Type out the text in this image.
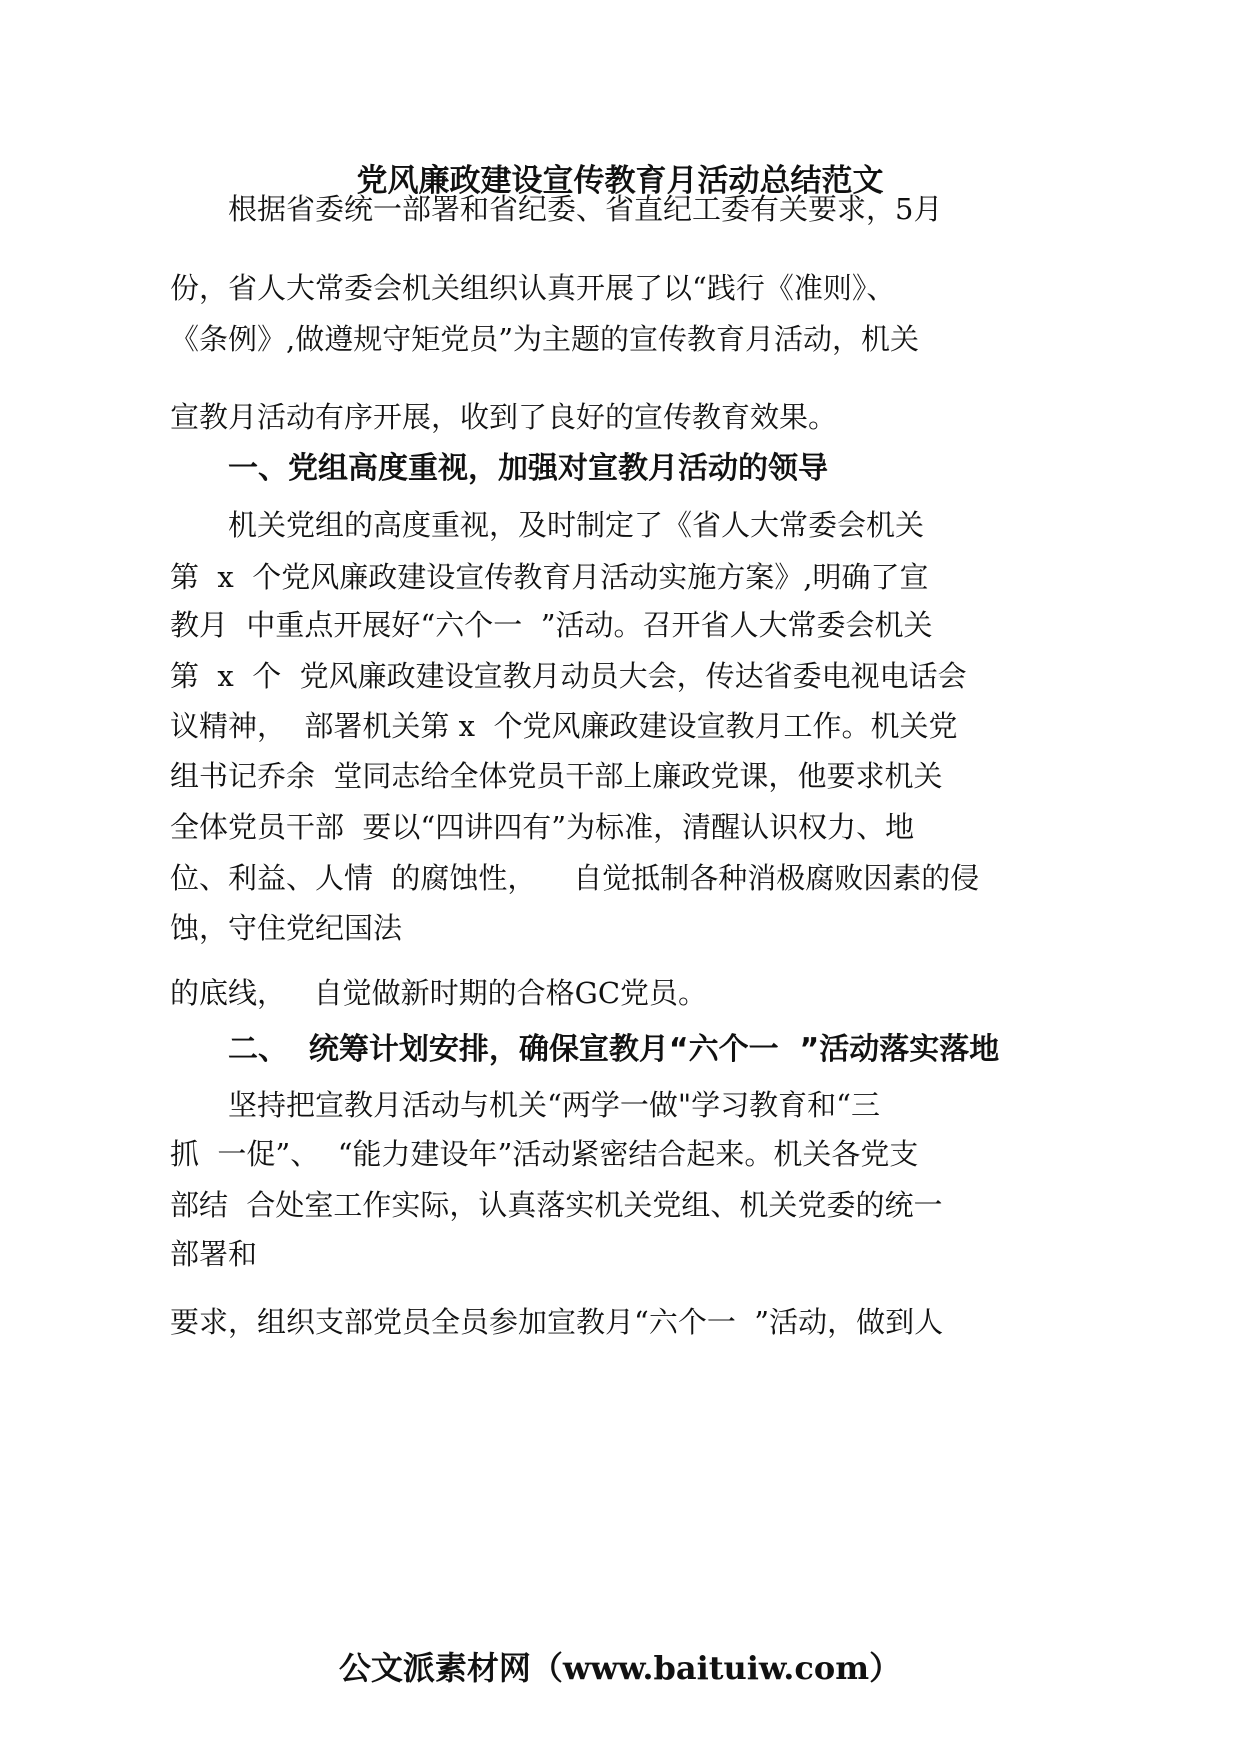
党风廉政建设宣传教育月活动总结范文

根据省委统一部署和省纪委、省直纪工委有关要求，5月

份，省人大常委会机关组织认真开展了以“践行《准则》、

《条例》,做遵规守矩党员”为主题的宣传教育月活动，机关

宣教月活动有序开展，收到了良好的宣传教育效果。

一、党组高度重视，加强对宣教月活动的领导

机关党组的高度重视，及时制定了《省人大常委会机关

第  x  个党风廉政建设宣传教育月活动实施方案》,明确了宣

教月  中重点开展好“六个一  ”活动。召开省人大常委会机关

第  x  个  党风廉政建设宣教月动员大会，传达省委电视电话会

议精神，  部署机关第 x  个党风廉政建设宣教月工作。机关党

组书记乔余  堂同志给全体党员干部上廉政党课，他要求机关

全体党员干部  要以“四讲四有”为标准，清醒认识权力、地

位、利益、人情  的腐蚀性，    自觉抵制各种消极腐败因素的侵

蚀，守住党纪国法

的底线，   自觉做新时期的合格GC党员。

二、  统筹计划安排，确保宣教月“六个一  ”活动落实落地

坚持把宣教月活动与机关“两学一做"学习教育和“三

抓  一促”、  “能力建设年”活动紧密结合起来。机关各党支

部结  合处室工作实际，认真落实机关党组、机关党委的统一

部署和

要求，组织支部党员全员参加宣教月“六个一  ”活动，做到人

公文派素材网（www.baituiw.com）
